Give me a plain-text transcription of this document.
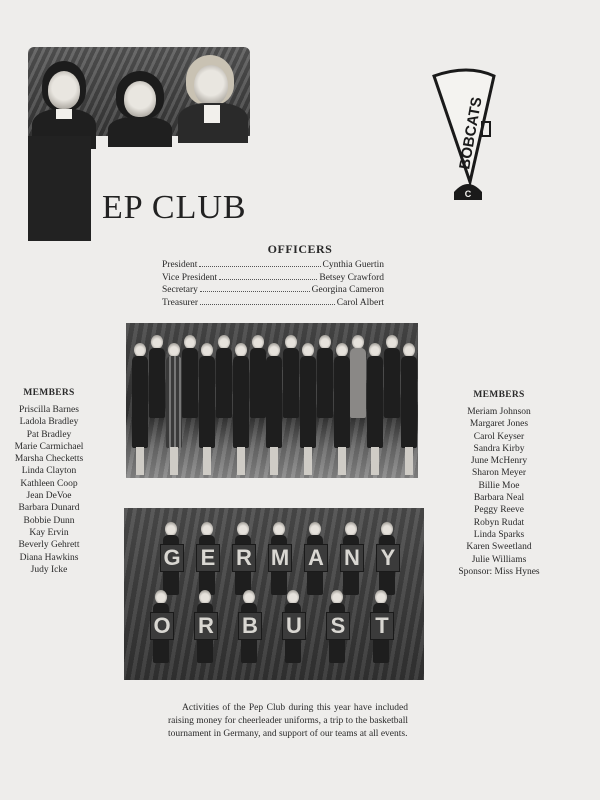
EP CLUB
BOBCATS
C
OFFICERS
President	Cynthia Guertin
Vice President	Betsey Crawford
Secretary	Georgina Cameron
Treasurer	Carol Albert
MEMBERS
Priscilla Barnes
Ladola Bradley
Pat Bradley
Marie Carmichael
Marsha Checketts
Linda Clayton
Kathleen Coop
Jean DeVoe
Barbara Dunard
Bobbie Dunn
Kay Ervin
Beverly Gehrett
Diana Hawkins
Judy Icke
MEMBERS
Meriam Johnson
Margaret Jones
Carol Keyser
Sandra Kirby
June McHenry
Sharon Meyer
Billie Moe
Barbara Neal
Peggy Reeve
Robyn Rudat
Linda Sparks
Karen Sweetland
Julie Williams
Sponsor: Miss Hynes
G E R M A N Y
O R B U S T
Activities of the Pep Club during this year have included raising money for cheerleader uniforms, a trip to the basketball tournament in Germany, and support of our teams at all events.
